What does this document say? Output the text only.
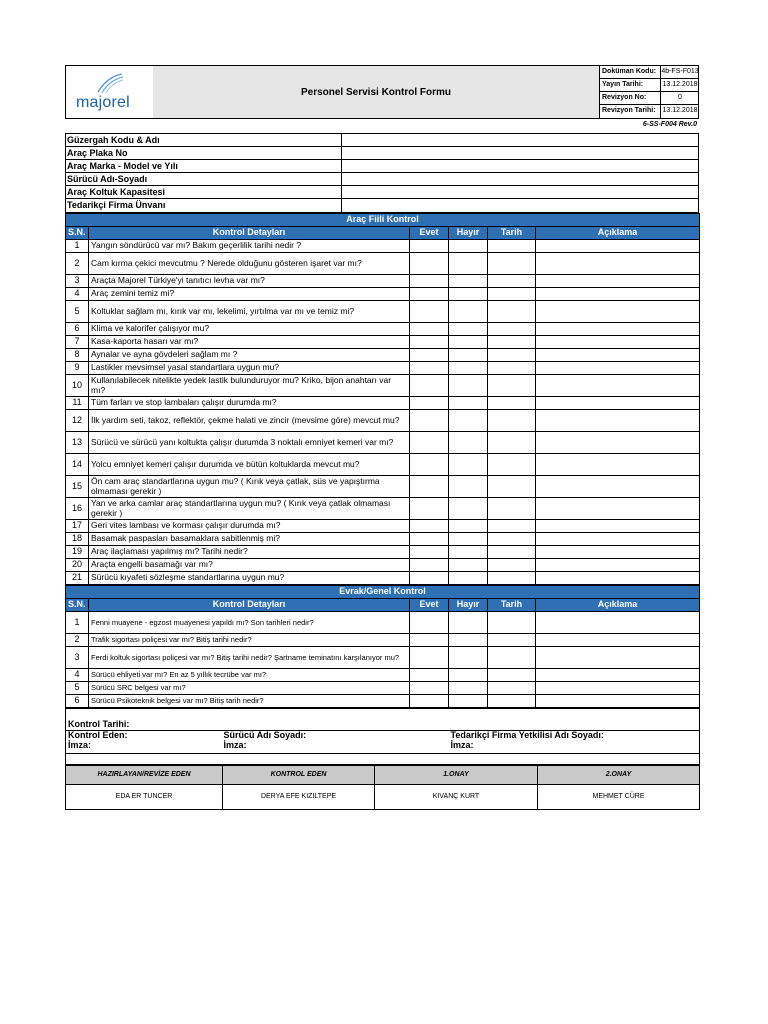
majorel
Personel Servisi Kontrol Formu
Doküman Kodu: 4b-FS-F013
Yayın Tarihi:	13.12.2018
Revizyon No:	0
Revizyon Tarihi: 13.12.2018
6-SS-F004 Rev.0
Güzergah Kodu & Adı
Araç Plaka No
Araç Marka - Model ve Yılı
Sürücü Adı-Soyadı
Araç Koltuk Kapasitesi
Tedarikçi Firma Ünvanı
Araç Fiili Kontrol					
S.N.	Kontrol Detayları	Evet	Hayır	Tarih	Açıklama
1	Yangın söndürücü var mı? Bakım geçerlilik tarihi nedir ?				
2	Cam kırma çekici mevcutmu ? Nerede olduğunu gösteren işaret var mı?				
3	Araçta Majorel Türkiye'yi tanıtıcı levha var mı?				
4	Araç zemini temiz mi?				
5	Koltuklar sağlam mı, kırık var mı, lekelimi, yırtılma var mı ve temiz mi?				
6	Klima ve kalorifer çalışıyor mu?				
7	Kasa-kaporta hasarı var mı?				
8	Aynalar ve ayna gövdeleri sağlam mı ?				
9	Lastikler mevsimsel yasal standartlara uygun mu?				
10	Kullanılabilecek nitelikte yedek lastik bulunduruyor mu? Kriko, bijon anahtarı var mı?				
11	Tüm farları ve stop lambaları çalışır durumda mı?				
12	İlk yardım seti, takoz, reflektör, çekme halati ve zincir (mevsime göre) mevcut mu?				
13	Sürücü ve sürücü yanı koltukta çalışır durumda 3 noktalı emniyet kemeri var mı?				
14	Yolcu emniyet kemeri çalışır durumda ve bütün koltuklarda mevcut mu?				
15	Ön cam araç standartlarına uygun mu? ( Kırık veya çatlak, süs ve yapıştırma olmaması gerekir )				
16	Yan ve arka camlar araç standartlarına uygun mu? ( Kırık veya çatlak olmaması gerekir )				
17	Geri vites lambası ve korması çalışır durumda mı?				
18	Basamak paspasları basamaklara sabitlenmiş mi?				
19	Araç ilaçlaması yapılmış mı? Tarihi nedir?				
20	Araçta engelli basamağı var mı?				
21	Sürücü kıyafeti sözleşme standartlarına uygun mu?				
Evrak/Genel Kontrol					
S.N.	Kontrol Detayları	Evet	Hayır	Tarih	Açıklama
1	Fenni muayene - egzost muayenesi yapıldı mı? Son tarihleri nedir?				
2	Trafik sigortası poliçesi var mı? Bitiş tarihi nedir?				
3	Ferdi koltuk sigortası poliçesi var mı? Bitiş tarihi nedir? Şartname teminatını karşılanıyor mu?				
4	Sürücü ehliyeti var mı? En az 5 yıllık tecrübe var mı?				
5	Sürücü SRC belgesi var mı?				
6	Sürücü Psikoteknik belgesi var mı? Bitiş tarih nedir?				

Kontrol Tarihi:

Kontrol Eden:
İmza:

Sürücü Adı Soyadı:
İmza:

Tedarikçi Firma Yetkilisi Adı Soyadı:
İmza:

HAZIRLAYAN/REVİZE EDEN	KONTROL EDEN	1.ONAY	2.ONAY
EDA ER TUNCER	DERYA EFE KIZILTEPE	KIVANÇ KURT	MEHMET CÜRE
